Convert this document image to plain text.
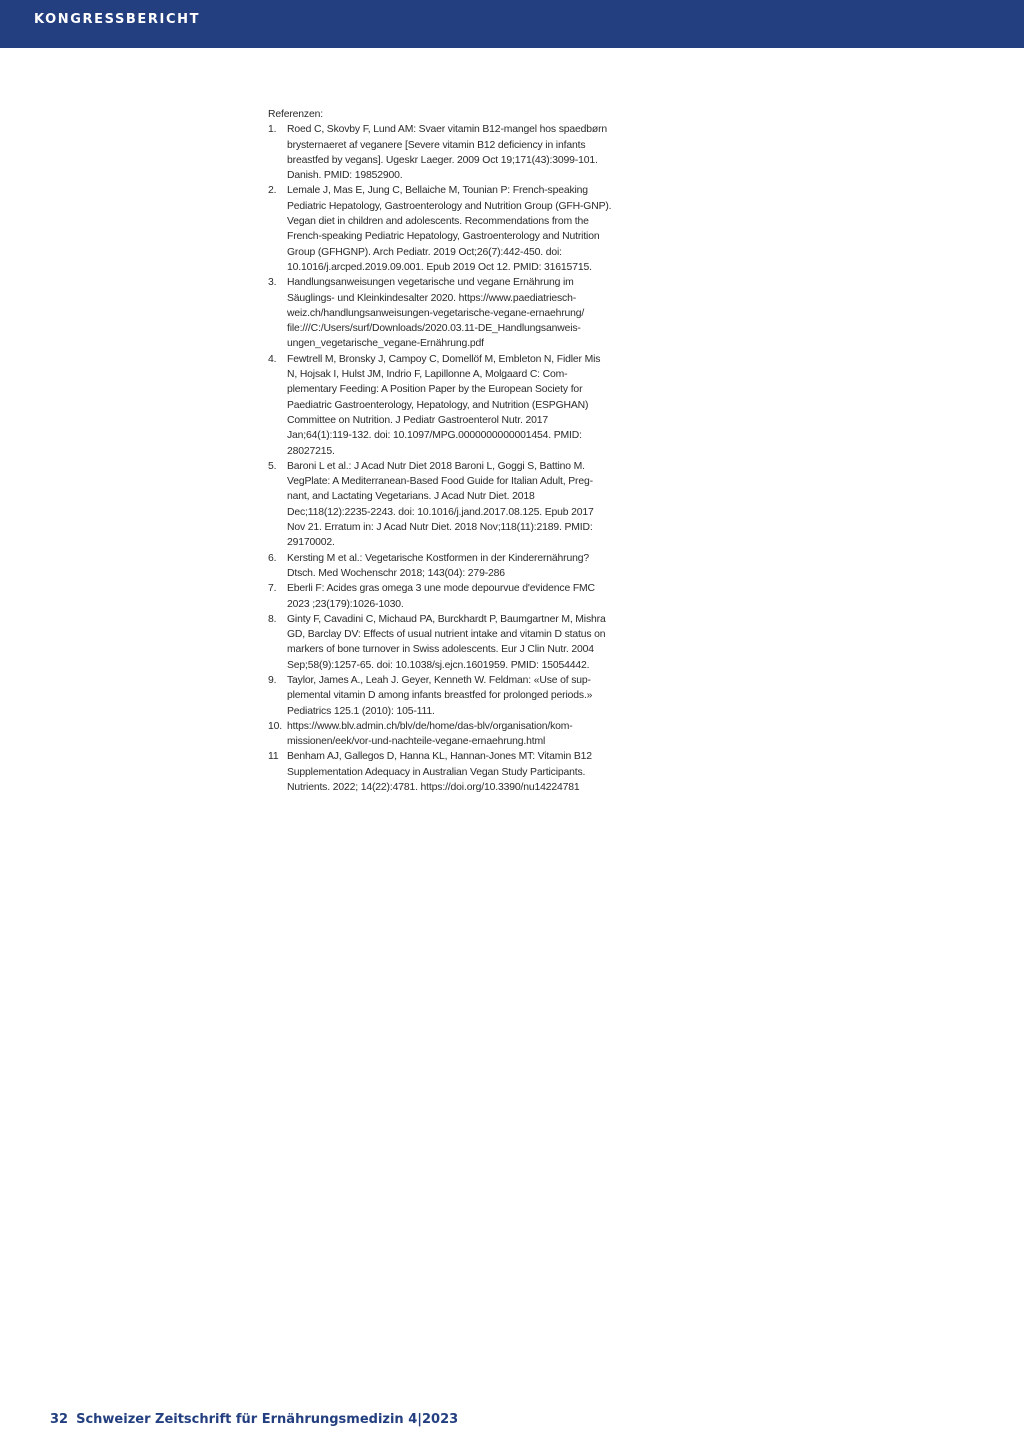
KONGRESSBERICHT

Referenzen:

1. Roed C, Skovby F, Lund AM: Svaer vitamin B12-mangel hos spaedbørn brysternaeret af veganere [Severe vitamin B12 deficiency in infants breastfed by vegans]. Ugeskr Laeger. 2009 Oct 19;171(43):3099-101. Danish. PMID: 19852900.
2. Lemale J, Mas E, Jung C, Bellaiche M, Tounian P: French-speaking Pediatric Hepatology, Gastroenterology and Nutrition Group (GFH-GNP). Vegan diet in children and adolescents. Recommendations from the French-speaking Pediatric Hepatology, Gastroenterology and Nutrition Group (GFHGNP). Arch Pediatr. 2019 Oct;26(7):442-450. doi: 10.1016/j.arcped.2019.09.001. Epub 2019 Oct 12. PMID: 31615715.
3. Handlungsanweisungen vegetarische und vegane Ernährung im Säuglings- und Kleinkindesalter 2020. https://www.paediatriesch-weiz.ch/handlungsanweisungen-vegetarische-vegane-ernaehrung/ file:///C:/Users/surf/Downloads/2020.03.11-DE_Handlungsanweis-ungen_vegetarische_vegane-Ernährung.pdf
4. Fewtrell M, Bronsky J, Campoy C, Domellöf M, Embleton N, Fidler Mis N, Hojsak I, Hulst JM, Indrio F, Lapillonne A, Molgaard C: Com-plementary Feeding: A Position Paper by the European Society for Paediatric Gastroenterology, Hepatology, and Nutrition (ESPGHAN) Committee on Nutrition. J Pediatr Gastroenterol Nutr. 2017 Jan;64(1):119-132. doi: 10.1097/MPG.0000000000001454. PMID: 28027215.
5. Baroni L et al.: J Acad Nutr Diet 2018 Baroni L, Goggi S, Battino M. VegPlate: A Mediterranean-Based Food Guide for Italian Adult, Preg-nant, and Lactating Vegetarians. J Acad Nutr Diet. 2018 Dec;118(12):2235-2243. doi: 10.1016/j.jand.2017.08.125. Epub 2017 Nov 21. Erratum in: J Acad Nutr Diet. 2018 Nov;118(11):2189. PMID: 29170002.
6. Kersting M et al.: Vegetarische Kostformen in der Kinderernährung? Dtsch. Med Wochenschr 2018; 143(04): 279-286
7. Eberli F: Acides gras omega 3 une mode depourvue d'evidence FMC 2023 ;23(179):1026-1030.
8. Ginty F, Cavadini C, Michaud PA, Burckhardt P, Baumgartner M, Mishra GD, Barclay DV: Effects of usual nutrient intake and vitamin D status on markers of bone turnover in Swiss adolescents. Eur J Clin Nutr. 2004 Sep;58(9):1257-65. doi: 10.1038/sj.ejcn.1601959. PMID: 15054442.
9. Taylor, James A., Leah J. Geyer, Kenneth W. Feldman: «Use of sup-plemental vitamin D among infants breastfed for prolonged periods.» Pediatrics 125.1 (2010): 105-111.
10. https://www.blv.admin.ch/blv/de/home/das-blv/organisation/kom-missionen/eek/vor-und-nachteile-vegane-ernaehrung.html
11 Benham AJ, Gallegos D, Hanna KL, Hannan-Jones MT: Vitamin B12 Supplementation Adequacy in Australian Vegan Study Participants. Nutrients. 2022; 14(22):4781. https://doi.org/10.3390/nu14224781
32 Schweizer Zeitschrift für Ernährungsmedizin 4|2023
